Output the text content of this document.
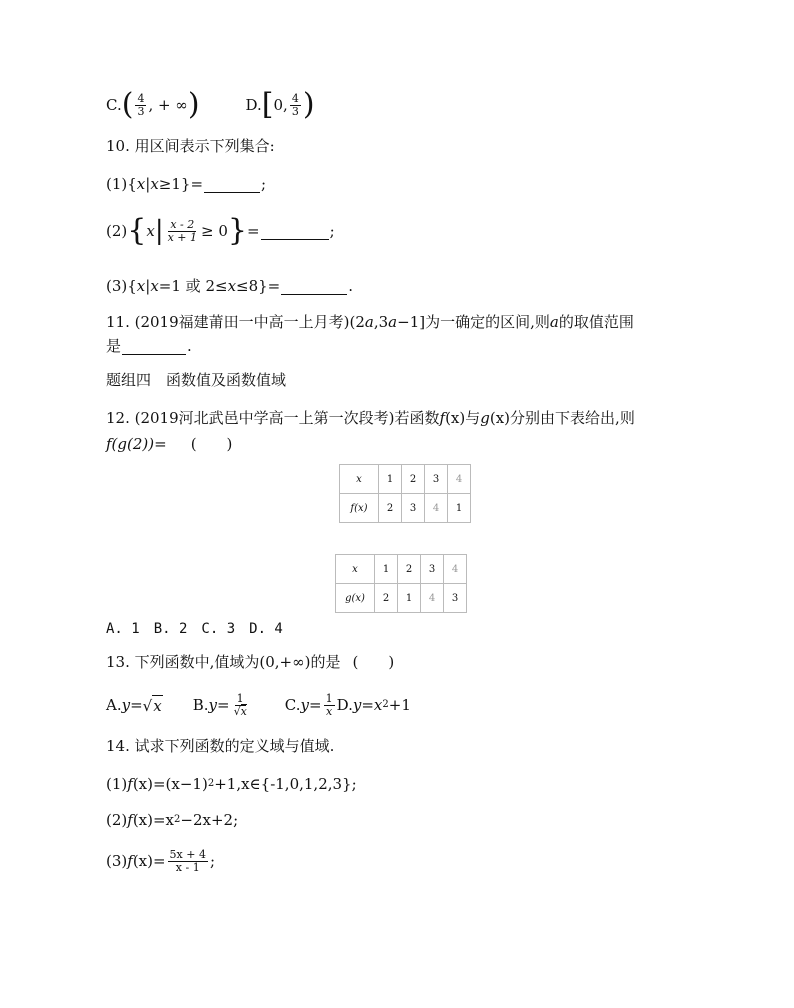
C. ( $\frac{4}{3}$ , + ∞ )	D. [ 0, $\frac{4}{3}$ )
10. 用区间表示下列集合:
(1){ x | x ≥1}=	;
(2) { x | $\frac{x - 2}{x + 1} \ge 0$ } =	;
(3){ x | x =1 或 2≤ x ≤8}=	.
11. (2019福建莆田一中高一上月考)(2 a ,3 a −1]为一确定的区间,则 a 的取值范围
是	.
题组四　函数值及函数值域
12. (2019河北武邑中学高一上第一次段考)若函数 f (x) 与 g (x) 分别由下表给出,则
f(g(2))= (　　)
x	1	2	3	4
f(x)	2	3	4	1
x	1	2	3	4
g(x)	2	1	4	3
A. 1　B. 2　C. 3　D. 4
13. 下列函数中,值域为(0,+∞)的是 (　　)
A. y = √ x B. $y = \frac{1}{√x} C$. $y = \frac{1}{x} D$. y = x 2 +1
14. 试求下列函数的定义域与值域.
(1) f (x)=(x−1) 2 +1,x∈{-1,0,1,2,3};
(2) f (x)=x 2 −2x+2;
(3) f $(x)= \frac{5x + 4}{x - 1}$ ;
